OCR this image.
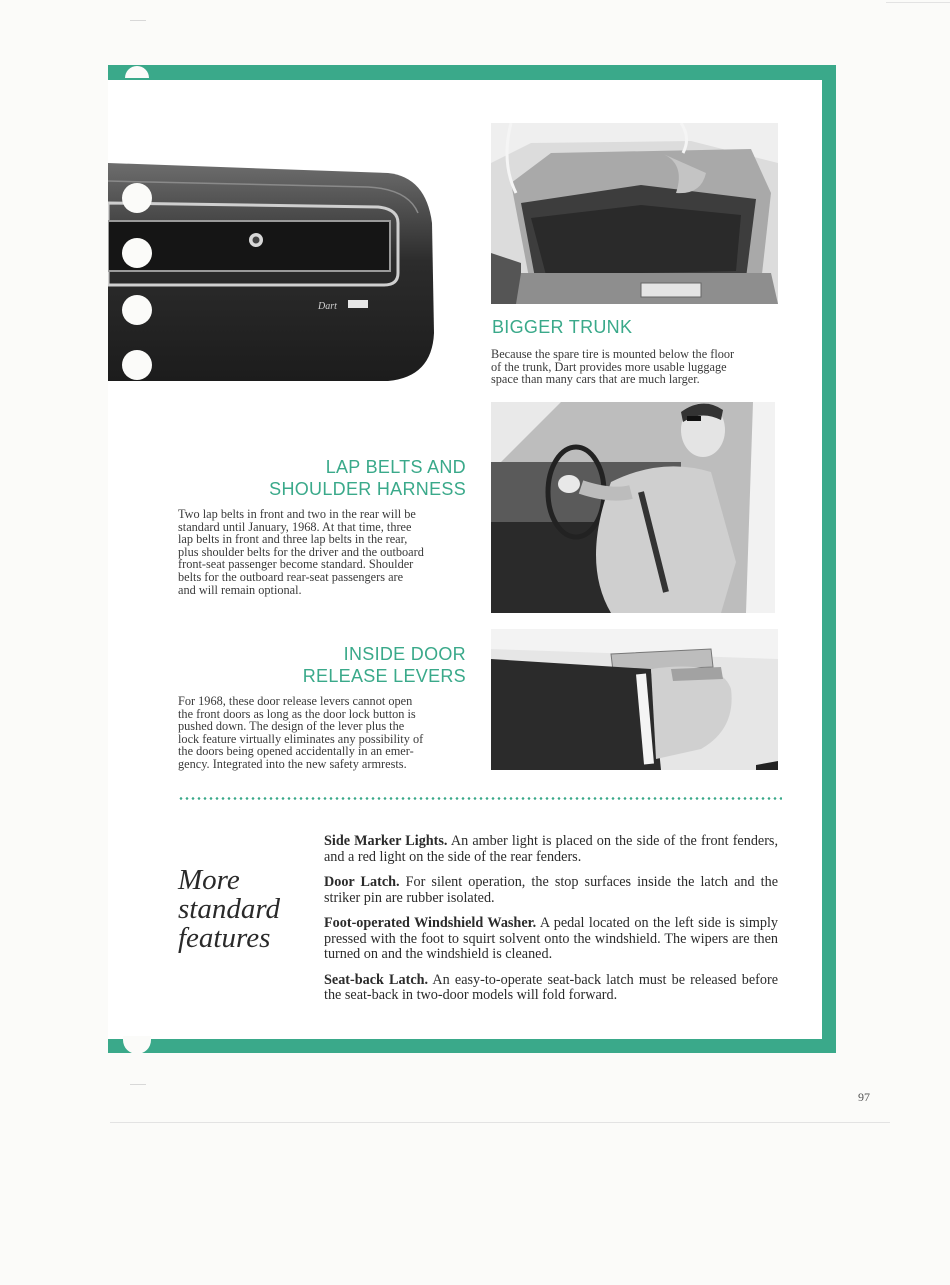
Dart
BIGGER TRUNK
Because the spare tire is mounted below the floor
of the trunk, Dart provides more usable luggage
space than many cars that are much larger.
LAP BELTS AND
SHOULDER HARNESS
Two lap belts in front and two in the rear will be
standard until January, 1968. At that time, three
lap belts in front and three lap belts in the rear,
plus shoulder belts for the driver and the outboard
front-seat passenger become standard. Shoulder
belts for the outboard rear-seat passengers are
and will remain optional.
INSIDE DOOR
RELEASE LEVERS
For 1968, these door release levers cannot open
the front doors as long as the door lock button is
pushed down. The design of the lever plus the
lock feature virtually eliminates any possibility of
the doors being opened accidentally in an emer-
gency. Integrated into the new safety armrests.
More
standard
features

Side Marker Lights. An amber light is placed on the side of the front fenders, and a red light on the side of the rear fenders.

Door Latch. For silent operation, the stop surfaces inside the latch and the striker pin are rubber isolated.

Foot-operated Windshield Washer. A pedal located on the left side is simply pressed with the foot to squirt solvent onto the windshield. The wipers are then turned on and the windshield is cleaned.

Seat-back Latch. An easy-to-operate seat-back latch must be released before the seat-back in two-door models will fold forward.

97
